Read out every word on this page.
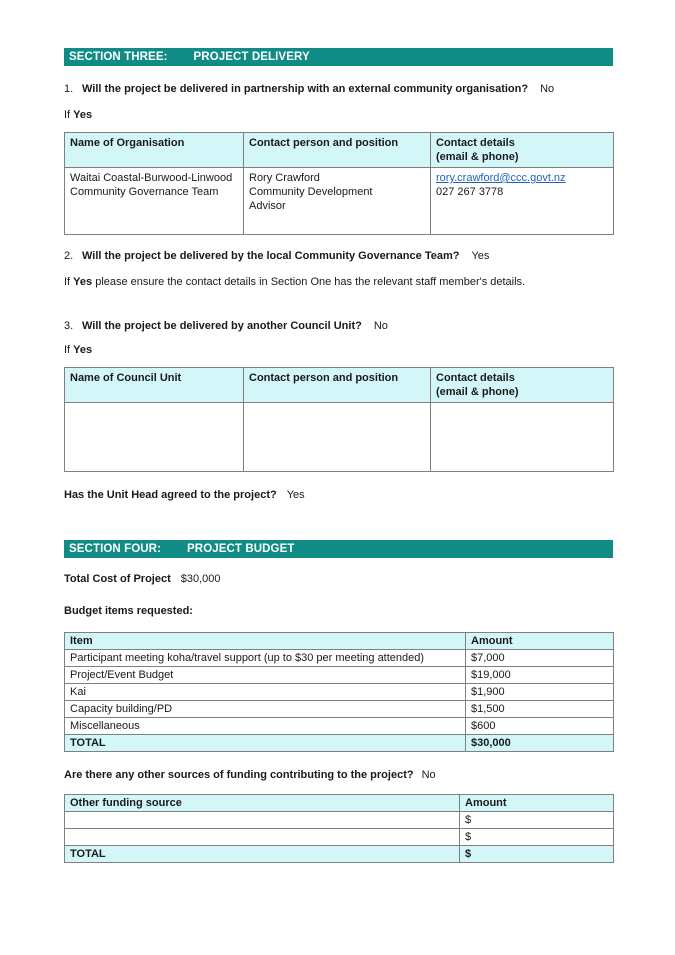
SECTION THREE: PROJECT DELIVERY
1. Will the project be delivered in partnership with an external community organisation? No
If Yes
Name of Organisation	Contact person and position	Contact details
(email & phone)
Waitai Coastal-Burwood-Linwood Community Governance Team	Rory Crawford
Community Development
Advisor	rory.crawford@ccc.govt.nz
027 267 3778
2. Will the project be delivered by the local Community Governance Team? Yes
If Yes please ensure the contact details in Section One has the relevant staff member's details.
3. Will the project be delivered by another Council Unit? No
If Yes
Name of Council Unit	Contact person and position	Contact details
(email & phone)

Has the Unit Head agreed to the project? Yes
SECTION FOUR: PROJECT BUDGET
Total Cost of Project $30,000
Budget items requested:
Item	Amount
Participant meeting koha/travel support (up to $30 per meeting attended)	$7,000
Project/Event Budget	$19,000
Kai	$1,900
Capacity building/PD	$1,500
Miscellaneous	$600
TOTAL	$30,000
Are there any other sources of funding contributing to the project? No
Other funding source	Amount
	$
	$
TOTAL	$
